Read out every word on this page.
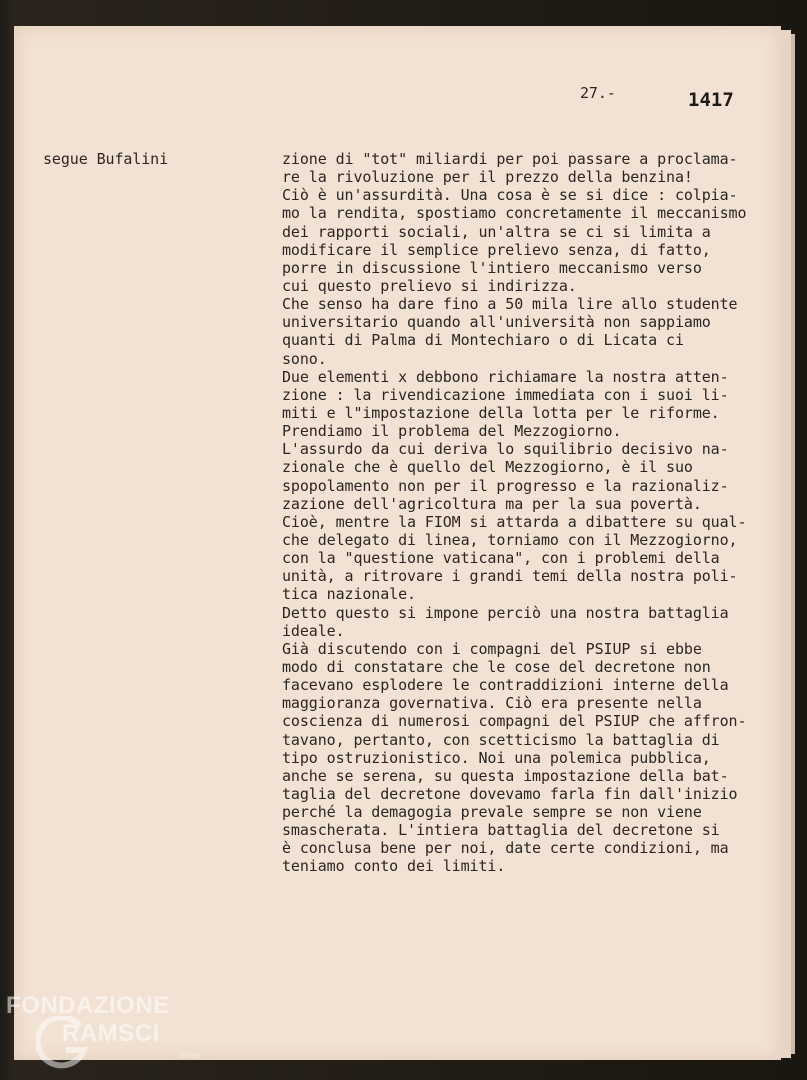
27.-	1417
segue Bufalini	zione di "tot" miliardi per poi passare a proclama-
re la rivoluzione per il prezzo della benzina!
Ciò è un'assurdità. Una cosa è se si dice : colpia-
mo la rendita, spostiamo concretamente il meccanismo
dei rapporti sociali, un'altra se ci si limita a
modificare il semplice prelievo senza, di fatto,
porre in discussione l'intiero meccanismo verso
cui questo prelievo si indirizza.
Che senso ha dare fino a 50 mila lire allo studente
universitario quando all'università non sappiamo
quanti di Palma di Montechiaro o di Licata ci
sono.
Due elementi x debbono richiamare la nostra atten-
zione : la rivendicazione immediata con i suoi li-
miti e l"impostazione della lotta per le riforme.
Prendiamo il problema del Mezzogiorno.
L'assurdo da cui deriva lo squilibrio decisivo na-
zionale che è quello del Mezzogiorno, è il suo
spopolamento non per il progresso e la razionaliz-
zazione dell'agricoltura ma per la sua povertà.
Cioè, mentre la FIOM si attarda a dibattere su qual-
che delegato di linea, torniamo con il Mezzogiorno,
con la "questione vaticana", con i problemi della
unità, a ritrovare i grandi temi della nostra poli-
tica nazionale.
Detto questo si impone perciò una nostra battaglia
ideale.
Già discutendo con i compagni del PSIUP si ebbe
modo di constatare che le cose del decretone non
facevano esplodere le contraddizioni interne della
maggioranza governativa. Ciò era presente nella
coscienza di numerosi compagni del PSIUP che affron-
tavano, pertanto, con scetticismo la battaglia di
tipo ostruzionistico. Noi una polemica pubblica,
anche se serena, su questa impostazione della bat-
taglia del decretone dovevamo farla fin dall'inizio
perché la demagogia prevale sempre se non viene
smascherata. L'intiera battaglia del decretone si
è conclusa bene per noi, date certe condizioni, ma
teniamo conto dei limiti.
FONDAZIONE
RAMSCI
onlus
